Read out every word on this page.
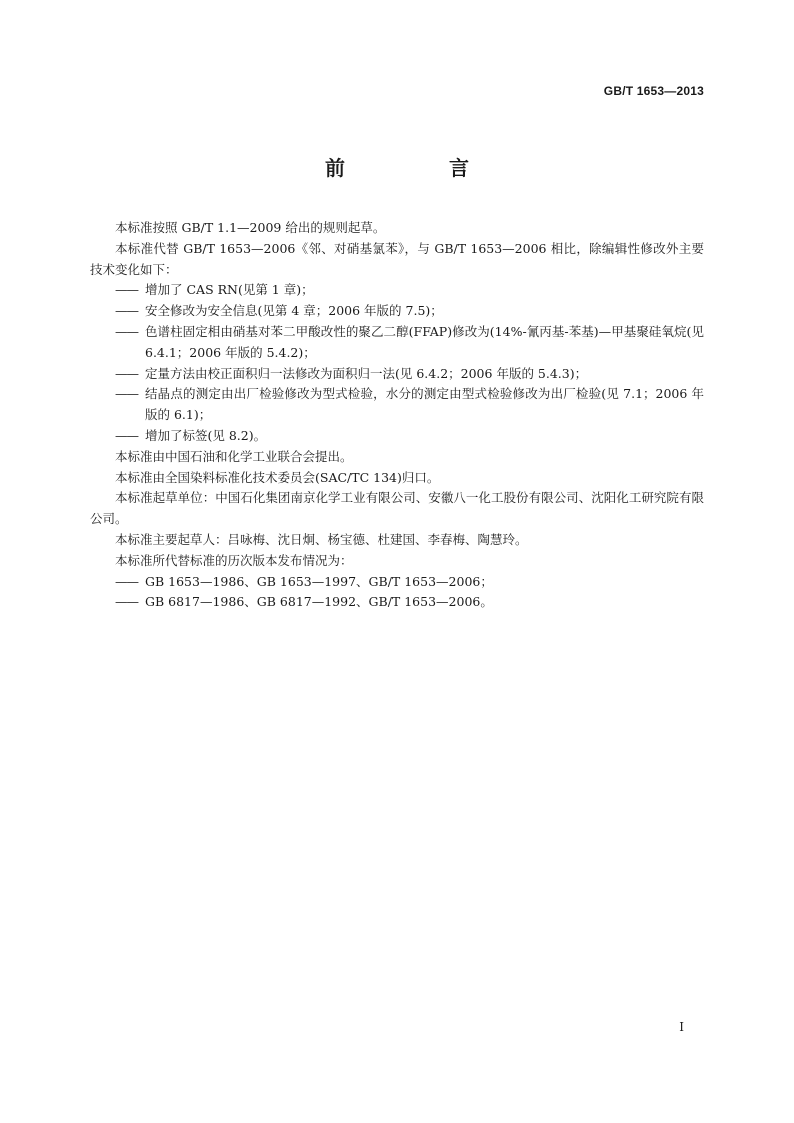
GB/T 1653—2013
前　言

本标准按照 GB/T 1.1—2009 给出的规则起草。

本标准代替 GB/T 1653—2006《邻、对硝基氯苯》，与 GB/T 1653—2006 相比，除编辑性修改外主要技术变化如下：

—— 增加了 CAS RN(见第 1 章)；

—— 安全修改为安全信息(见第 4 章；2006 年版的 7.5)；

—— 色谱柱固定相由硝基对苯二甲酸改性的聚乙二醇(FFAP)修改为(14%-氰丙基-苯基)—甲基聚硅氧烷(见 6.4.1；2006 年版的 5.4.2)；

—— 定量方法由校正面积归一法修改为面积归一法(见 6.4.2；2006 年版的 5.4.3)；

—— 结晶点的测定由出厂检验修改为型式检验，水分的测定由型式检验修改为出厂检验(见 7.1；2006 年版的 6.1)；

—— 增加了标签(见 8.2)。

本标准由中国石油和化学工业联合会提出。

本标准由全国染料标准化技术委员会(SAC/TC 134)归口。

本标准起草单位：中国石化集团南京化学工业有限公司、安徽八一化工股份有限公司、沈阳化工研究院有限公司。

本标准主要起草人：吕咏梅、沈日炯、杨宝德、杜建国、李春梅、陶慧玲。

本标准所代替标准的历次版本发布情况为：

—— GB 1653—1986、GB 1653—1997、GB/T 1653—2006；

—— GB 6817—1986、GB 6817—1992、GB/T 1653—2006。

I
